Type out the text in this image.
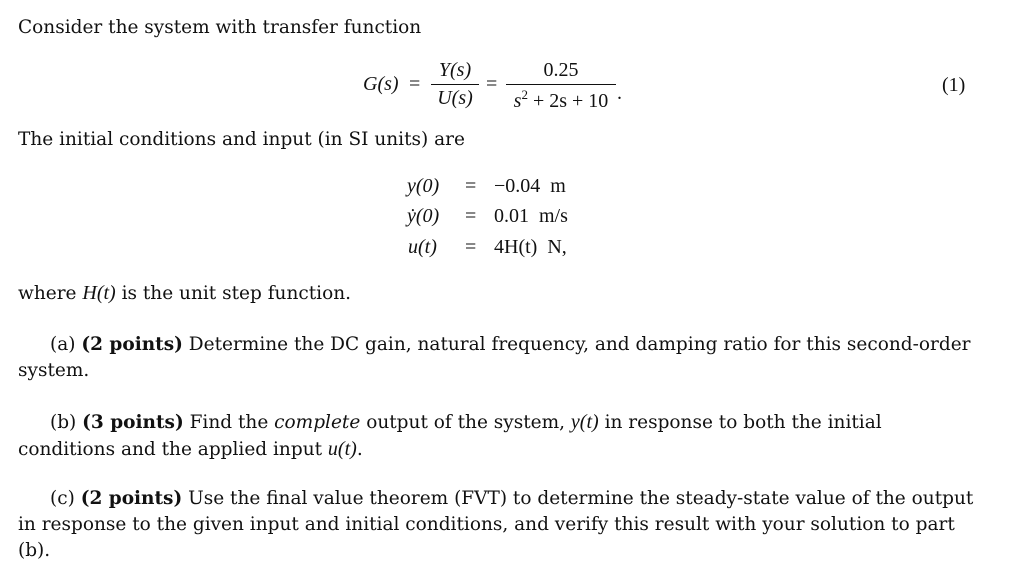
Consider the system with transfer function
G(s) =
Y(s)
U(s)
=
0.25
$s^2 + 2s + 10$ .	(1)
The initial conditions and input (in SI units) are
y(0) = −0.04  m
ẏ(0) = 0.01  m/s
u(t) = 4H(t)  N,
where H(t) is the unit step function.
(a) (2 points) Determine the DC gain, natural frequency, and damping ratio for this second-order system.
(b) (3 points) Find the complete output of the system, y(t) in response to both the initial conditions and the applied input u(t).
(c) (2 points) Use the final value theorem (FVT) to determine the steady-state value of the output in response to the given input and initial conditions, and verify this result with your solution to part (b).
